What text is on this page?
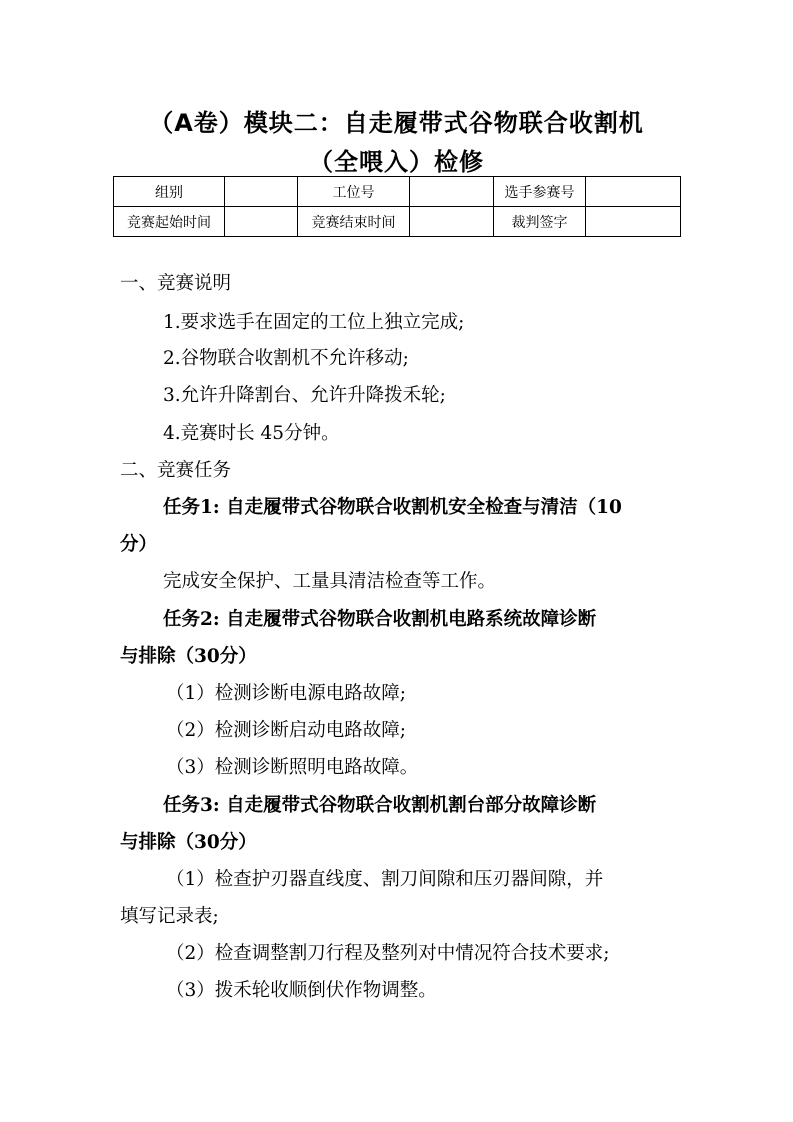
（A卷）模块二：自走履带式谷物联合收割机
（全喂入）检修
组别		工位号		选手参赛号	
竞赛起始时间		竞赛结束时间		裁判签字	
一、竞赛说明
1.要求选手在固定的工位上独立完成;
2.谷物联合收割机不允许移动;
3.允许升降割台、允许升降拨禾轮;
4.竞赛时长 45分钟。
二、竞赛任务
任务1: 自走履带式谷物联合收割机安全检查与清洁（10
分）
完成安全保护、工量具清洁检查等工作。
任务2: 自走履带式谷物联合收割机电路系统故障诊断
与排除（30分）
（1）检测诊断电源电路故障;
（2）检测诊断启动电路故障;
（3）检测诊断照明电路故障。
任务3: 自走履带式谷物联合收割机割台部分故障诊断
与排除（30分）
（1）检查护刃器直线度、割刀间隙和压刃器间隙，并
填写记录表;
（2）检查调整割刀行程及整列对中情况符合技术要求;
（3）拨禾轮收顺倒伏作物调整。
